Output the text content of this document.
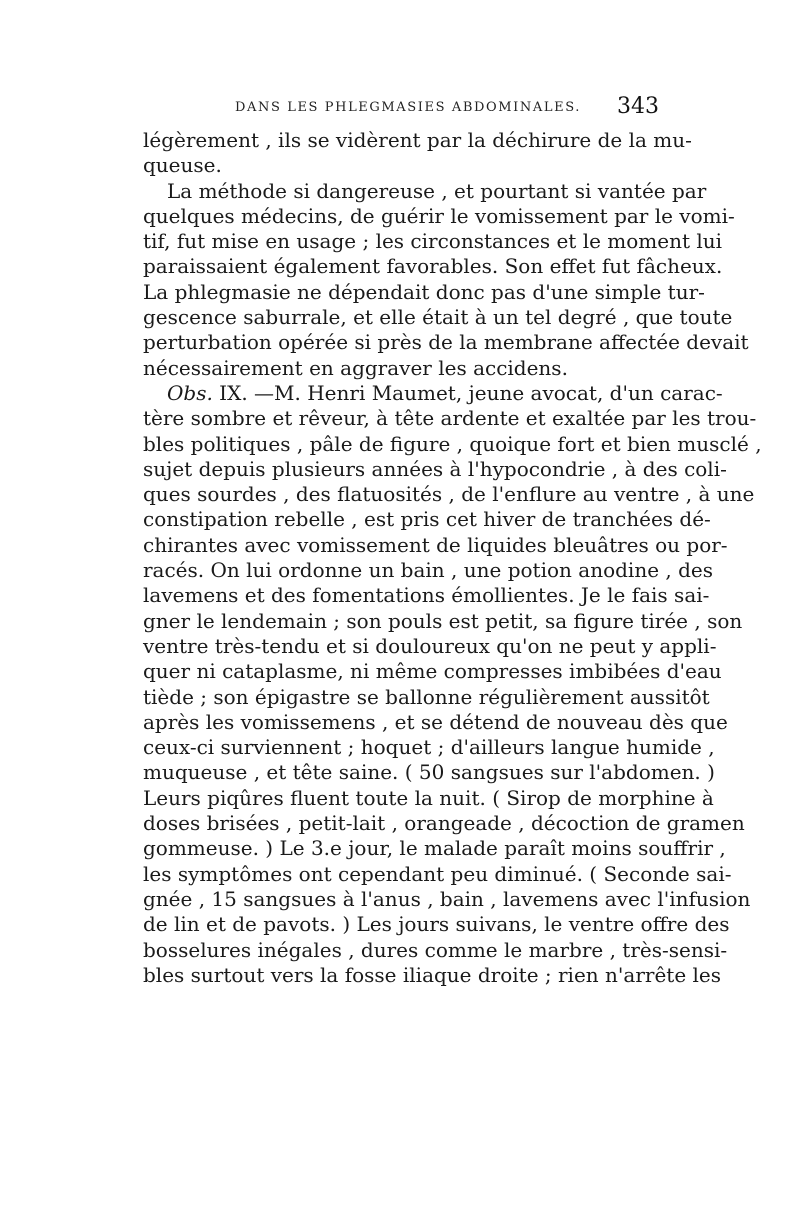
DANS LES PHLEGMASIES ABDOMINALES. 343
légèrement , ils se vidèrent par la déchirure de la mu-
queuse.
La méthode si dangereuse , et pourtant si vantée par
quelques médecins, de guérir le vomissement par le vomi-
tif, fut mise en usage ; les circonstances et le moment lui
paraissaient également favorables. Son effet fut fâcheux.
La phlegmasie ne dépendait donc pas d'une simple tur-
gescence saburrale, et elle était à un tel degré , que toute
perturbation opérée si près de la membrane affectée devait
nécessairement en aggraver les accidens.
Obs. IX. —M. Henri Maumet, jeune avocat, d'un carac-
tère sombre et rêveur, à tête ardente et exaltée par les trou-
bles politiques , pâle de figure , quoique fort et bien musclé ,
sujet depuis plusieurs années à l'hypocondrie , à des coli-
ques sourdes , des flatuosités , de l'enflure au ventre , à une
constipation rebelle , est pris cet hiver de tranchées dé-
chirantes avec vomissement de liquides bleuâtres ou por-
racés. On lui ordonne un bain , une potion anodine , des
lavemens et des fomentations émollientes. Je le fais sai-
gner le lendemain ; son pouls est petit, sa figure tirée , son
ventre très-tendu et si douloureux qu'on ne peut y appli-
quer ni cataplasme, ni même compresses imbibées d'eau
tiède ; son épigastre se ballonne régulièrement aussitôt
après les vomissemens , et se détend de nouveau dès que
ceux-ci surviennent ; hoquet ; d'ailleurs langue humide ,
muqueuse , et tête saine. ( 50 sangsues sur l'abdomen. )
Leurs piqûres fluent toute la nuit. ( Sirop de morphine à
doses brisées , petit-lait , orangeade , décoction de gramen
gommeuse. ) Le 3.e jour, le malade paraît moins souffrir ,
les symptômes ont cependant peu diminué. ( Seconde sai-
gnée , 15 sangsues à l'anus , bain , lavemens avec l'infusion
de lin et de pavots. ) Les jours suivans, le ventre offre des
bosselures inégales , dures comme le marbre , très-sensi-
bles surtout vers la fosse iliaque droite ; rien n'arrête les
